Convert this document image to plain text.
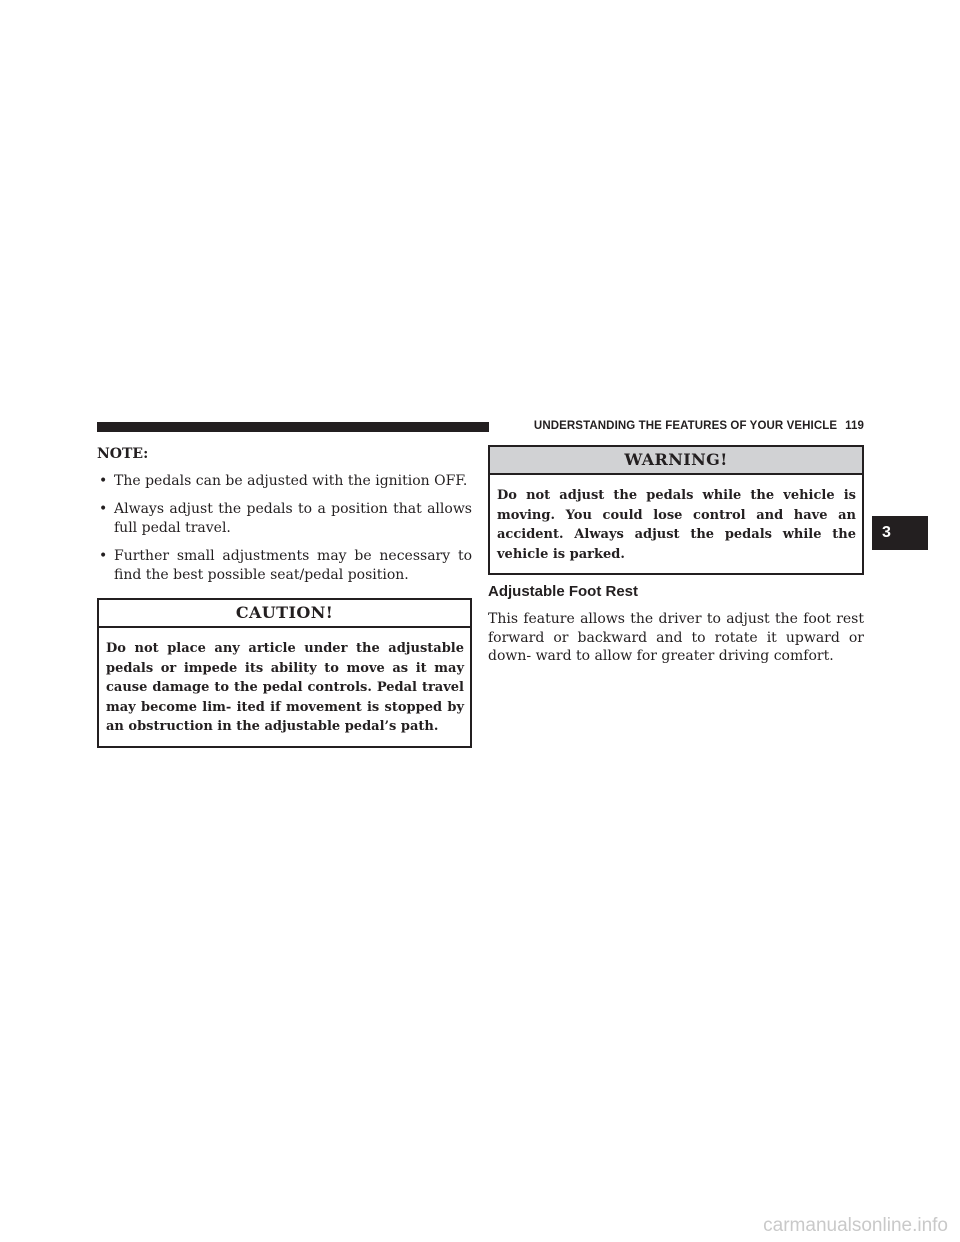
UNDERSTANDING THE FEATURES OF YOUR VEHICLE 119
3
NOTE:
• The pedals can be adjusted with the ignition OFF.
• Always adjust the pedals to a position that allows full pedal travel.
• Further small adjustments may be necessary to find the best possible seat/pedal position.
CAUTION!
Do not place any article under the adjustable pedals or impede its ability to move as it may cause damage to the pedal controls. Pedal travel may become lim- ited if movement is stopped by an obstruction in the adjustable pedal’s path.
WARNING!
Do not adjust the pedals while the vehicle is moving. You could lose control and have an accident. Always adjust the pedals while the vehicle is parked.
Adjustable Foot Rest

This feature allows the driver to adjust the foot rest forward or backward and to rotate it upward or down- ward to allow for greater driving comfort.

carmanualsonline.info
